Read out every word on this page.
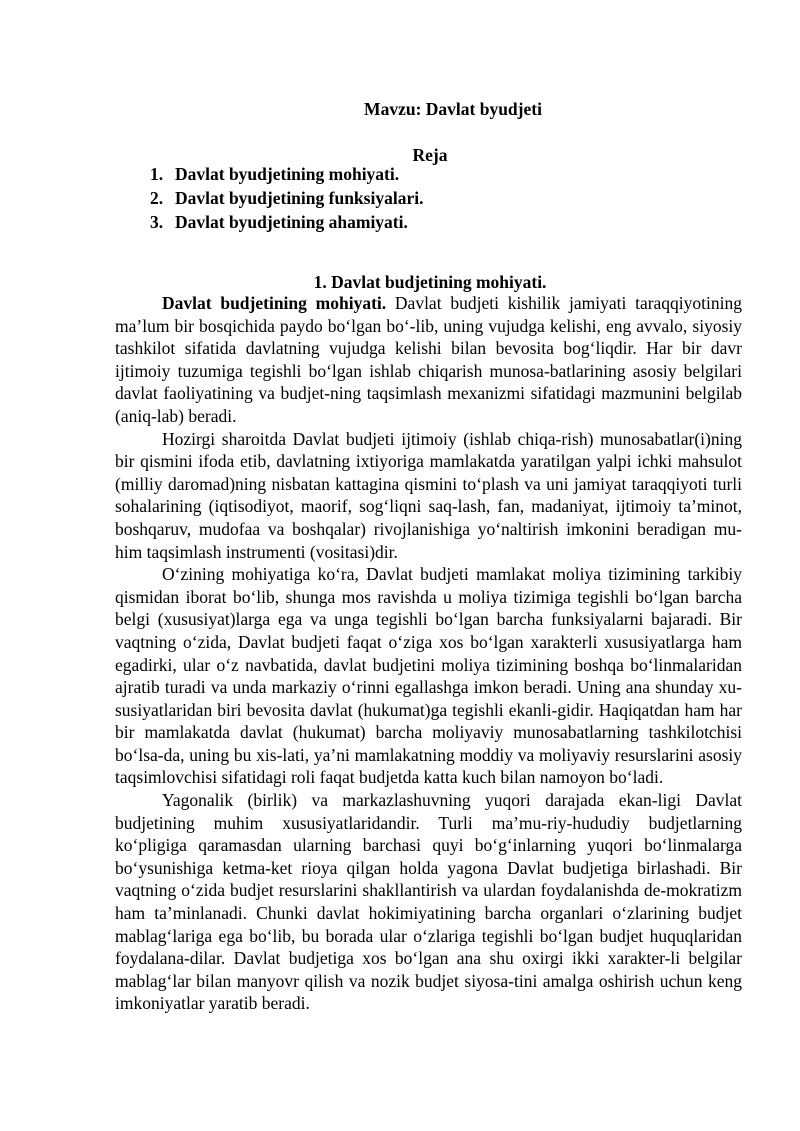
Mavzu: Davlat byudjeti
Reja
1. Davlat byudjetining mohiyati.
2. Davlat byudjetining funksiyalari.
3. Davlat byudjetining ahamiyati.
1. Davlat budjetining mohiyati.

Davlat budjetining mohiyati. Davlat budjeti kishilik jamiyati taraqqiyotining ma’lum bir bosqichida paydo bo‘lgan bo‘-lib, uning vujudga kelishi, eng avvalo, siyosiy tashkilot sifatida davlatning vujudga kelishi bilan bevosita bog‘liqdir. Har bir davr ijtimoiy tuzumiga tegishli bo‘lgan ishlab chiqarish munosa-batlarining asosiy belgilari davlat faoliyatining va budjet-ning taqsimlash mexanizmi sifatidagi mazmunini belgilab (aniq-lab) beradi.

Hozirgi sharoitda Davlat budjeti ijtimoiy (ishlab chiqa-rish) munosabatlar(i)ning bir qismini ifoda etib, davlatning ixtiyoriga mamlakatda yaratilgan yalpi ichki mahsulot (milliy daromad)ning nisbatan kattagina qismini to‘plash va uni jamiyat taraqqiyoti turli sohalarining (iqtisodiyot, maorif, sog‘liqni saq-lash, fan, madaniyat, ijtimoiy ta’minot, boshqaruv, mudofaa va boshqalar) rivojlanishiga yo‘naltirish imkonini beradigan mu-him taqsimlash instrumenti (vositasi)dir.

O‘zining mohiyatiga ko‘ra, Davlat budjeti mamlakat moliya tizimining tarkibiy qismidan iborat bo‘lib, shunga mos ravishda u moliya tizimiga tegishli bo‘lgan barcha belgi (xususiyat)larga ega va unga tegishli bo‘lgan barcha funksiyalarni bajaradi. Bir vaqtning o‘zida, Davlat budjeti faqat o‘ziga xos bo‘lgan xarakterli xususiyatlarga ham egadirki, ular o‘z navbatida, davlat budjetini moliya tizimining boshqa bo‘linmalaridan ajratib turadi va unda markaziy o‘rinni egallashga imkon beradi. Uning ana shunday xu-susiyatlaridan biri bevosita davlat (hukumat)ga tegishli ekanli-gidir. Haqiqatdan ham har bir mamlakatda davlat (hukumat) barcha moliyaviy munosabatlarning tashkilotchisi bo‘lsa-da, uning bu xis-lati, ya’ni mamlakatning moddiy va moliyaviy resurslarini asosiy taqsimlovchisi sifatidagi roli faqat budjetda katta kuch bilan namoyon bo‘ladi.

Yagonalik (birlik) va markazlashuvning yuqori darajada ekan-ligi Davlat budjetining muhim xususiyatlaridandir. Turli ma’mu-riy-hududiy budjetlarning ko‘pligiga qaramasdan ularning barchasi quyi bo‘g‘inlarning yuqori bo‘linmalarga bo‘ysunishiga ketma-ket rioya qilgan holda yagona Davlat budjetiga birlashadi. Bir vaqtning o‘zida budjet resurslarini shakllantirish va ulardan foydalanishda de-mokratizm ham ta’minlanadi. Chunki davlat hokimiyatining barcha organlari o‘zlarining budjet mablag‘lariga ega bo‘lib, bu borada ular o‘zlariga tegishli bo‘lgan budjet huquqlaridan foydalana-dilar. Davlat budjetiga xos bo‘lgan ana shu oxirgi ikki xarakter-li belgilar mablag‘lar bilan manyovr qilish va nozik budjet siyosa-tini amalga oshirish uchun keng imkoniyatlar yaratib beradi.
